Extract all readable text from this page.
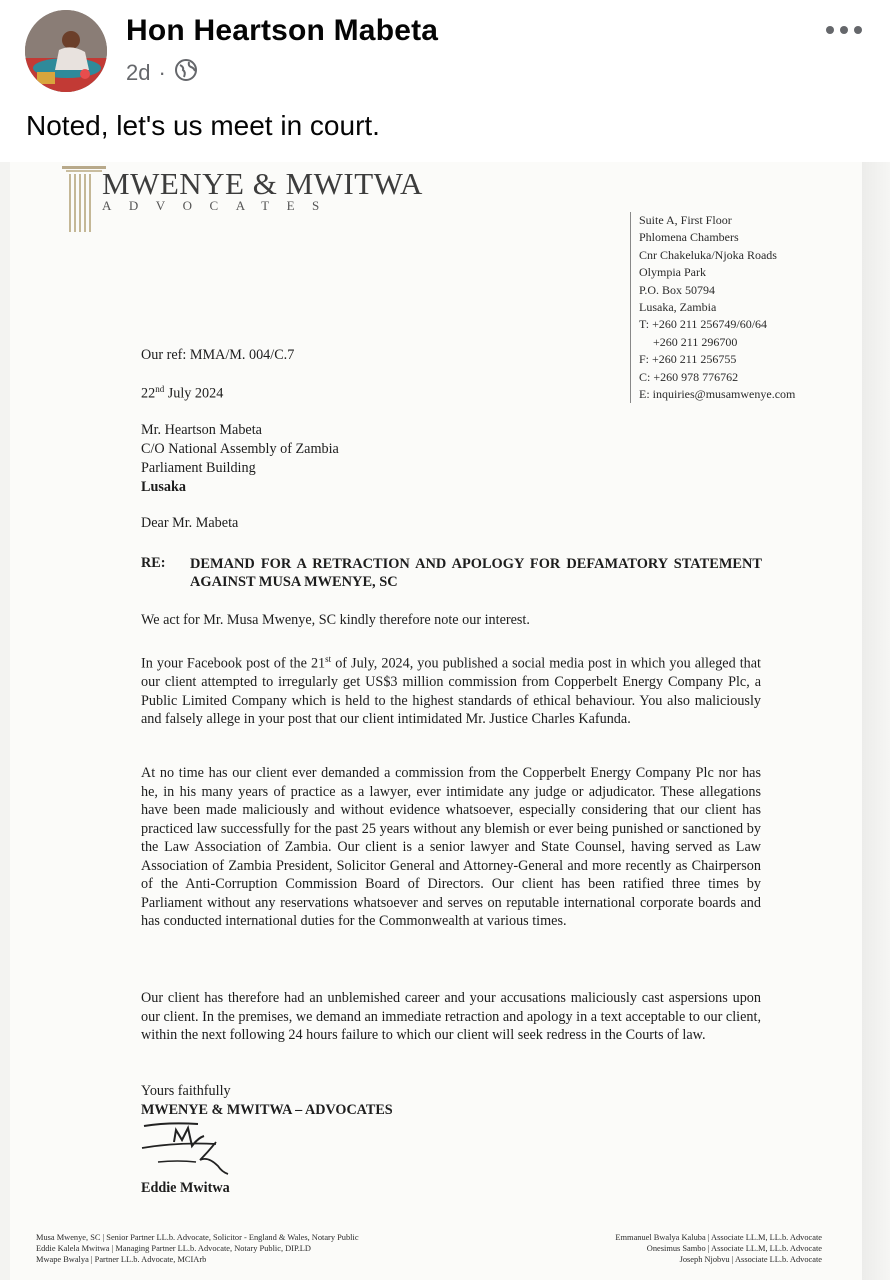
Hon Heartson Mabeta
2d ·
Noted, let's us meet in court.
MWENYE & MWITWA
ADVOCATES
Suite A, First Floor
Phlomena Chambers
Cnr Chakeluka/Njoka Roads
Olympia Park
P.O. Box 50794
Lusaka, Zambia
T: +260 211 256749/60/64
+260 211 296700
F: +260 211 256755
C: +260 978 776762
E: inquiries@musamwenye.com
Our ref: MMA/M. 004/C.7
22nd July 2024
Mr. Heartson Mabeta
C/O National Assembly of Zambia
Parliament Building
Lusaka
Dear Mr. Mabeta
RE: DEMAND FOR A RETRACTION AND APOLOGY FOR DEFAMATORY STATEMENT AGAINST MUSA MWENYE, SC
We act for Mr. Musa Mwenye, SC kindly therefore note our interest.
In your Facebook post of the 21st of July, 2024, you published a social media post in which you alleged that our client attempted to irregularly get US$3 million commission from Copperbelt Energy Company Plc, a Public Limited Company which is held to the highest standards of ethical behaviour. You also maliciously and falsely allege in your post that our client intimidated Mr. Justice Charles Kafunda.
At no time has our client ever demanded a commission from the Copperbelt Energy Company Plc nor has he, in his many years of practice as a lawyer, ever intimidate any judge or adjudicator. These allegations have been made maliciously and without evidence whatsoever, especially considering that our client has practiced law successfully for the past 25 years without any blemish or ever being punished or sanctioned by the Law Association of Zambia. Our client is a senior lawyer and State Counsel, having served as Law Association of Zambia President, Solicitor General and Attorney-General and more recently as Chairperson of the Anti-Corruption Commission Board of Directors. Our client has been ratified three times by Parliament without any reservations whatsoever and serves on reputable international corporate boards and has conducted international duties for the Commonwealth at various times.
Our client has therefore had an unblemished career and your accusations maliciously cast aspersions upon our client. In the premises, we demand an immediate retraction and apology in a text acceptable to our client, within the next following 24 hours failure to which our client will seek redress in the Courts of law.
Yours faithfully
MWENYE & MWITWA – ADVOCATES
Eddie Mwitwa
Musa Mwenye, SC | Senior Partner LL.b. Advocate, Solicitor - England & Wales, Notary Public
Eddie Kalela Mwitwa | Managing Partner LL.b. Advocate, Notary Public, DIP.LD
Mwape Bwalya | Partner LL.b. Advocate, MCIArb
Emmanuel Bwalya Kaluba | Associate LL.M, LL.b. Advocate
Onesimus Sambo | Associate LL.M, LL.b. Advocate
Joseph Njobvu | Associate LL.b. Advocate
